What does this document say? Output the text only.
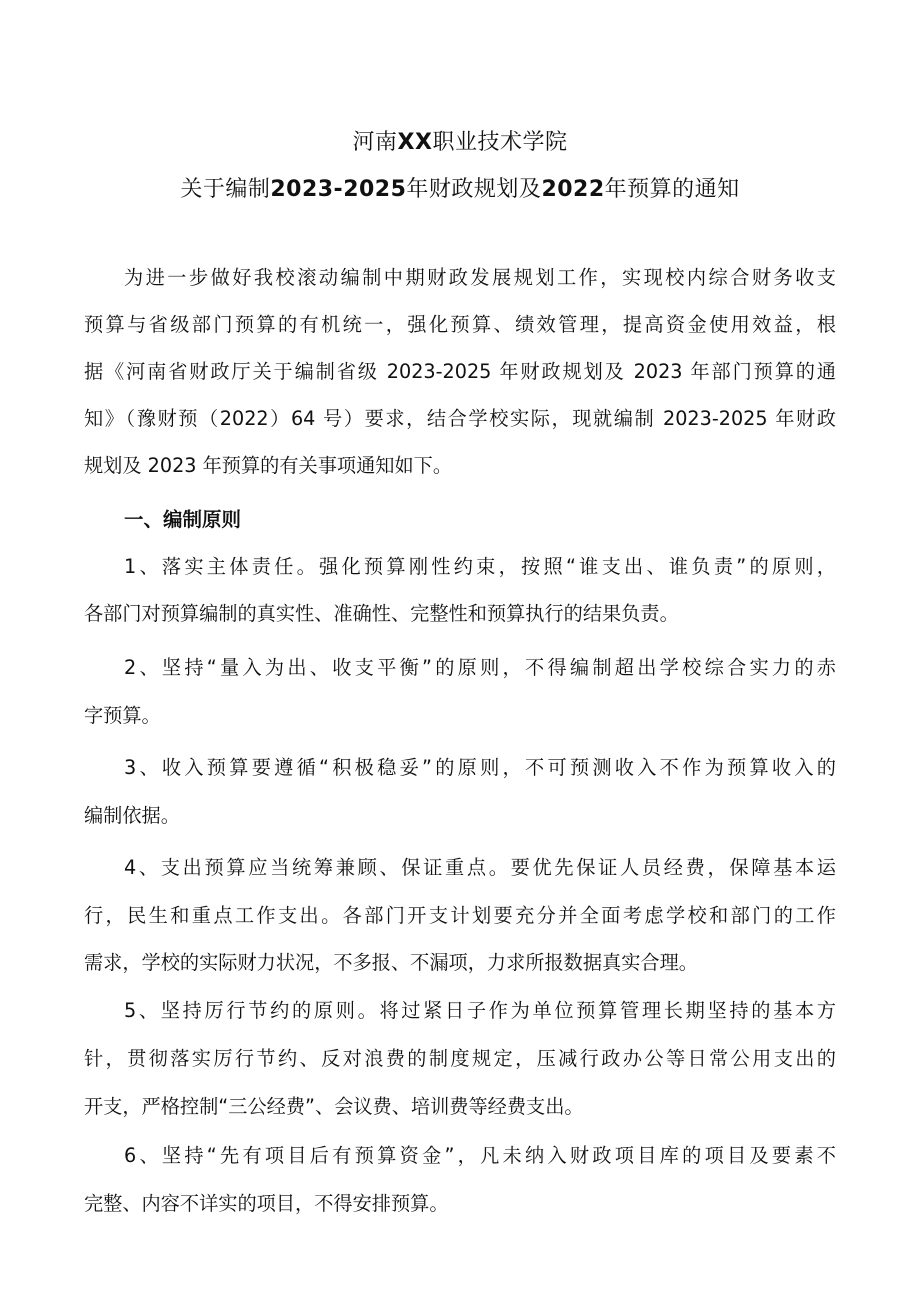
河南XX职业技术学院
关于编制2023-2025年财政规划及2022年预算的通知
为进一步做好我校滚动编制中期财政发展规划工作，实现校内综合财务收支
预算与省级部门预算的有机统一，强化预算、绩效管理，提高资金使用效益，根
据《河南省财政厅关于编制省级 2023-2025 年财政规划及 2023 年部门预算的通
知》（豫财预（2022）64 号）要求，结合学校实际，现就编制 2023-2025 年财政
规划及 2023 年预算的有关事项通知如下。
一、编制原则
1、落实主体责任。强化预算刚性约束，按照“谁支出、谁负责”的原则，
各部门对预算编制的真实性、准确性、完整性和预算执行的结果负责。
2、坚持“量入为出、收支平衡”的原则，不得编制超出学校综合实力的赤
字预算。
3、收入预算要遵循“积极稳妥”的原则，不可预测收入不作为预算收入的
编制依据。
4、支出预算应当统筹兼顾、保证重点。要优先保证人员经费，保障基本运
行，民生和重点工作支出。各部门开支计划要充分并全面考虑学校和部门的工作
需求，学校的实际财力状况，不多报、不漏项，力求所报数据真实合理。
5、坚持厉行节约的原则。将过紧日子作为单位预算管理长期坚持的基本方
针，贯彻落实厉行节约、反对浪费的制度规定，压减行政办公等日常公用支出的
开支，严格控制“三公经费”、会议费、培训费等经费支出。
6、坚持“先有项目后有预算资金”，凡未纳入财政项目库的项目及要素不
完整、内容不详实的项目，不得安排预算。
